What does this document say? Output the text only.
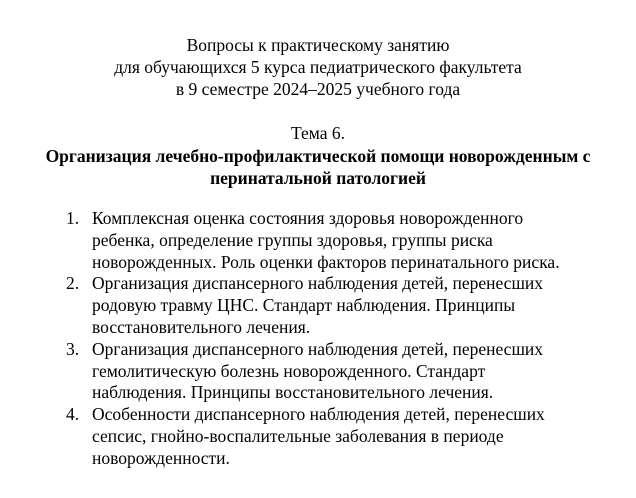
Вопросы к практическому занятию
для обучающихся 5 курса педиатрического факультета
в 9 семестре 2024–2025 учебного года
Тема 6.
Организация лечебно-профилактической помощи новорожденным с
перинатальной патологией
1. Комплексная оценка состояния здоровья новорожденного
ребенка, определение группы здоровья, группы риска
новорожденных. Роль оценки факторов перинатального риска.
2. Организация диспансерного наблюдения детей, перенесших
родовую травму ЦНС. Стандарт наблюдения. Принципы
восстановительного лечения.
3. Организация диспансерного наблюдения детей, перенесших
гемолитическую болезнь новорожденного. Стандарт
наблюдения. Принципы восстановительного лечения.
4. Особенности диспансерного наблюдения детей, перенесших
сепсис, гнойно-воспалительные заболевания в периоде
новорожденности.
